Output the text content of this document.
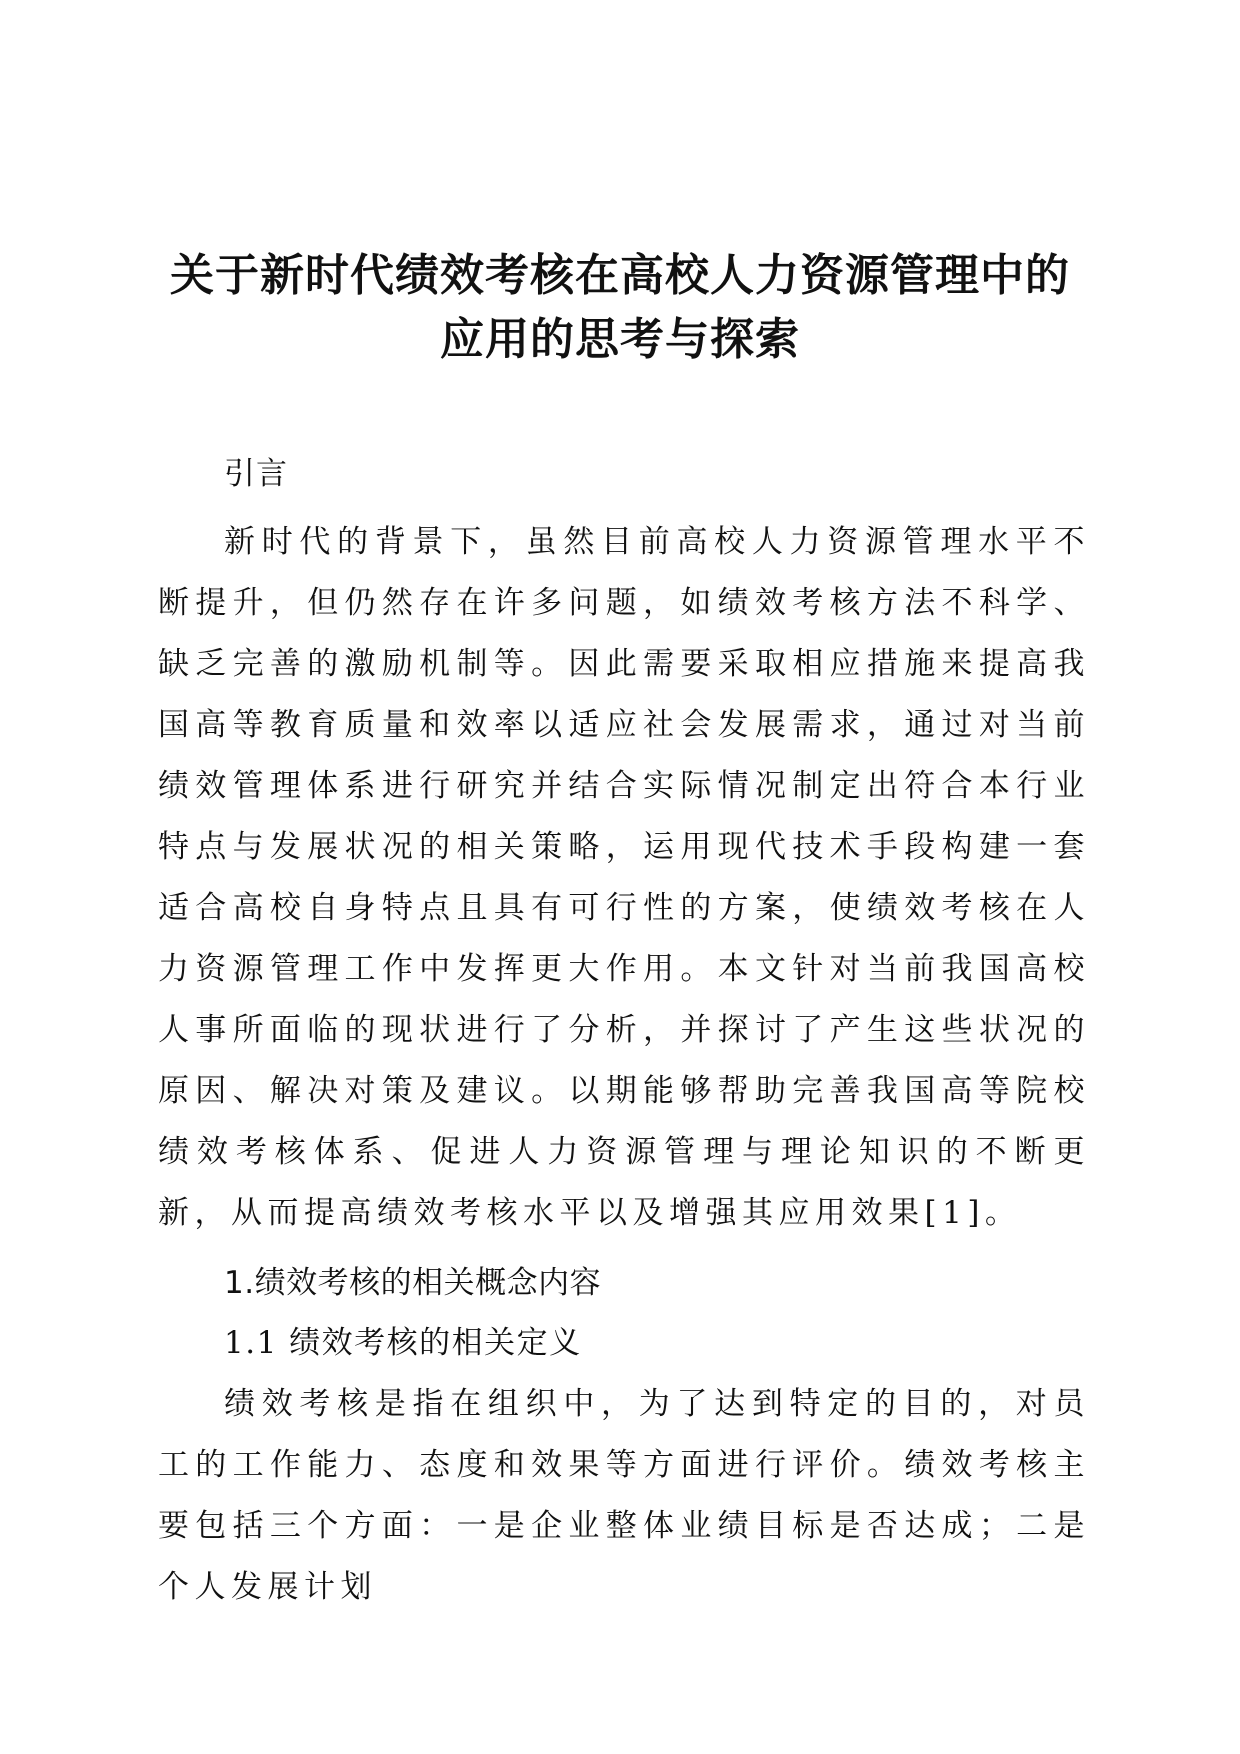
关于新时代绩效考核在高校人力资源管理中的
应用的思考与探索

引言

新时代的背景下，虽然目前高校人力资源管理水平不断提升，但仍然存在许多问题，如绩效考核方法不科学、缺乏完善的激励机制等。因此需要采取相应措施来提高我国高等教育质量和效率以适应社会发展需求，通过对当前绩效管理体系进行研究并结合实际情况制定出符合本行业特点与发展状况的相关策略，运用现代技术手段构建一套适合高校自身特点且具有可行性的方案，使绩效考核在人力资源管理工作中发挥更大作用。本文针对当前我国高校人事所面临的现状进行了分析，并探讨了产生这些状况的原因、解决对策及建议。以期能够帮助完善我国高等院校绩效考核体系、促进人力资源管理与理论知识的不断更新，从而提高绩效考核水平以及增强其应用效果[1]。

1.绩效考核的相关概念内容

1.1 绩效考核的相关定义

绩效考核是指在组织中，为了达到特定的目的，对员工的工作能力、态度和效果等方面进行评价。绩效考核主要包括三个方面：一是企业整体业绩目标是否达成；二是个人发展计划
